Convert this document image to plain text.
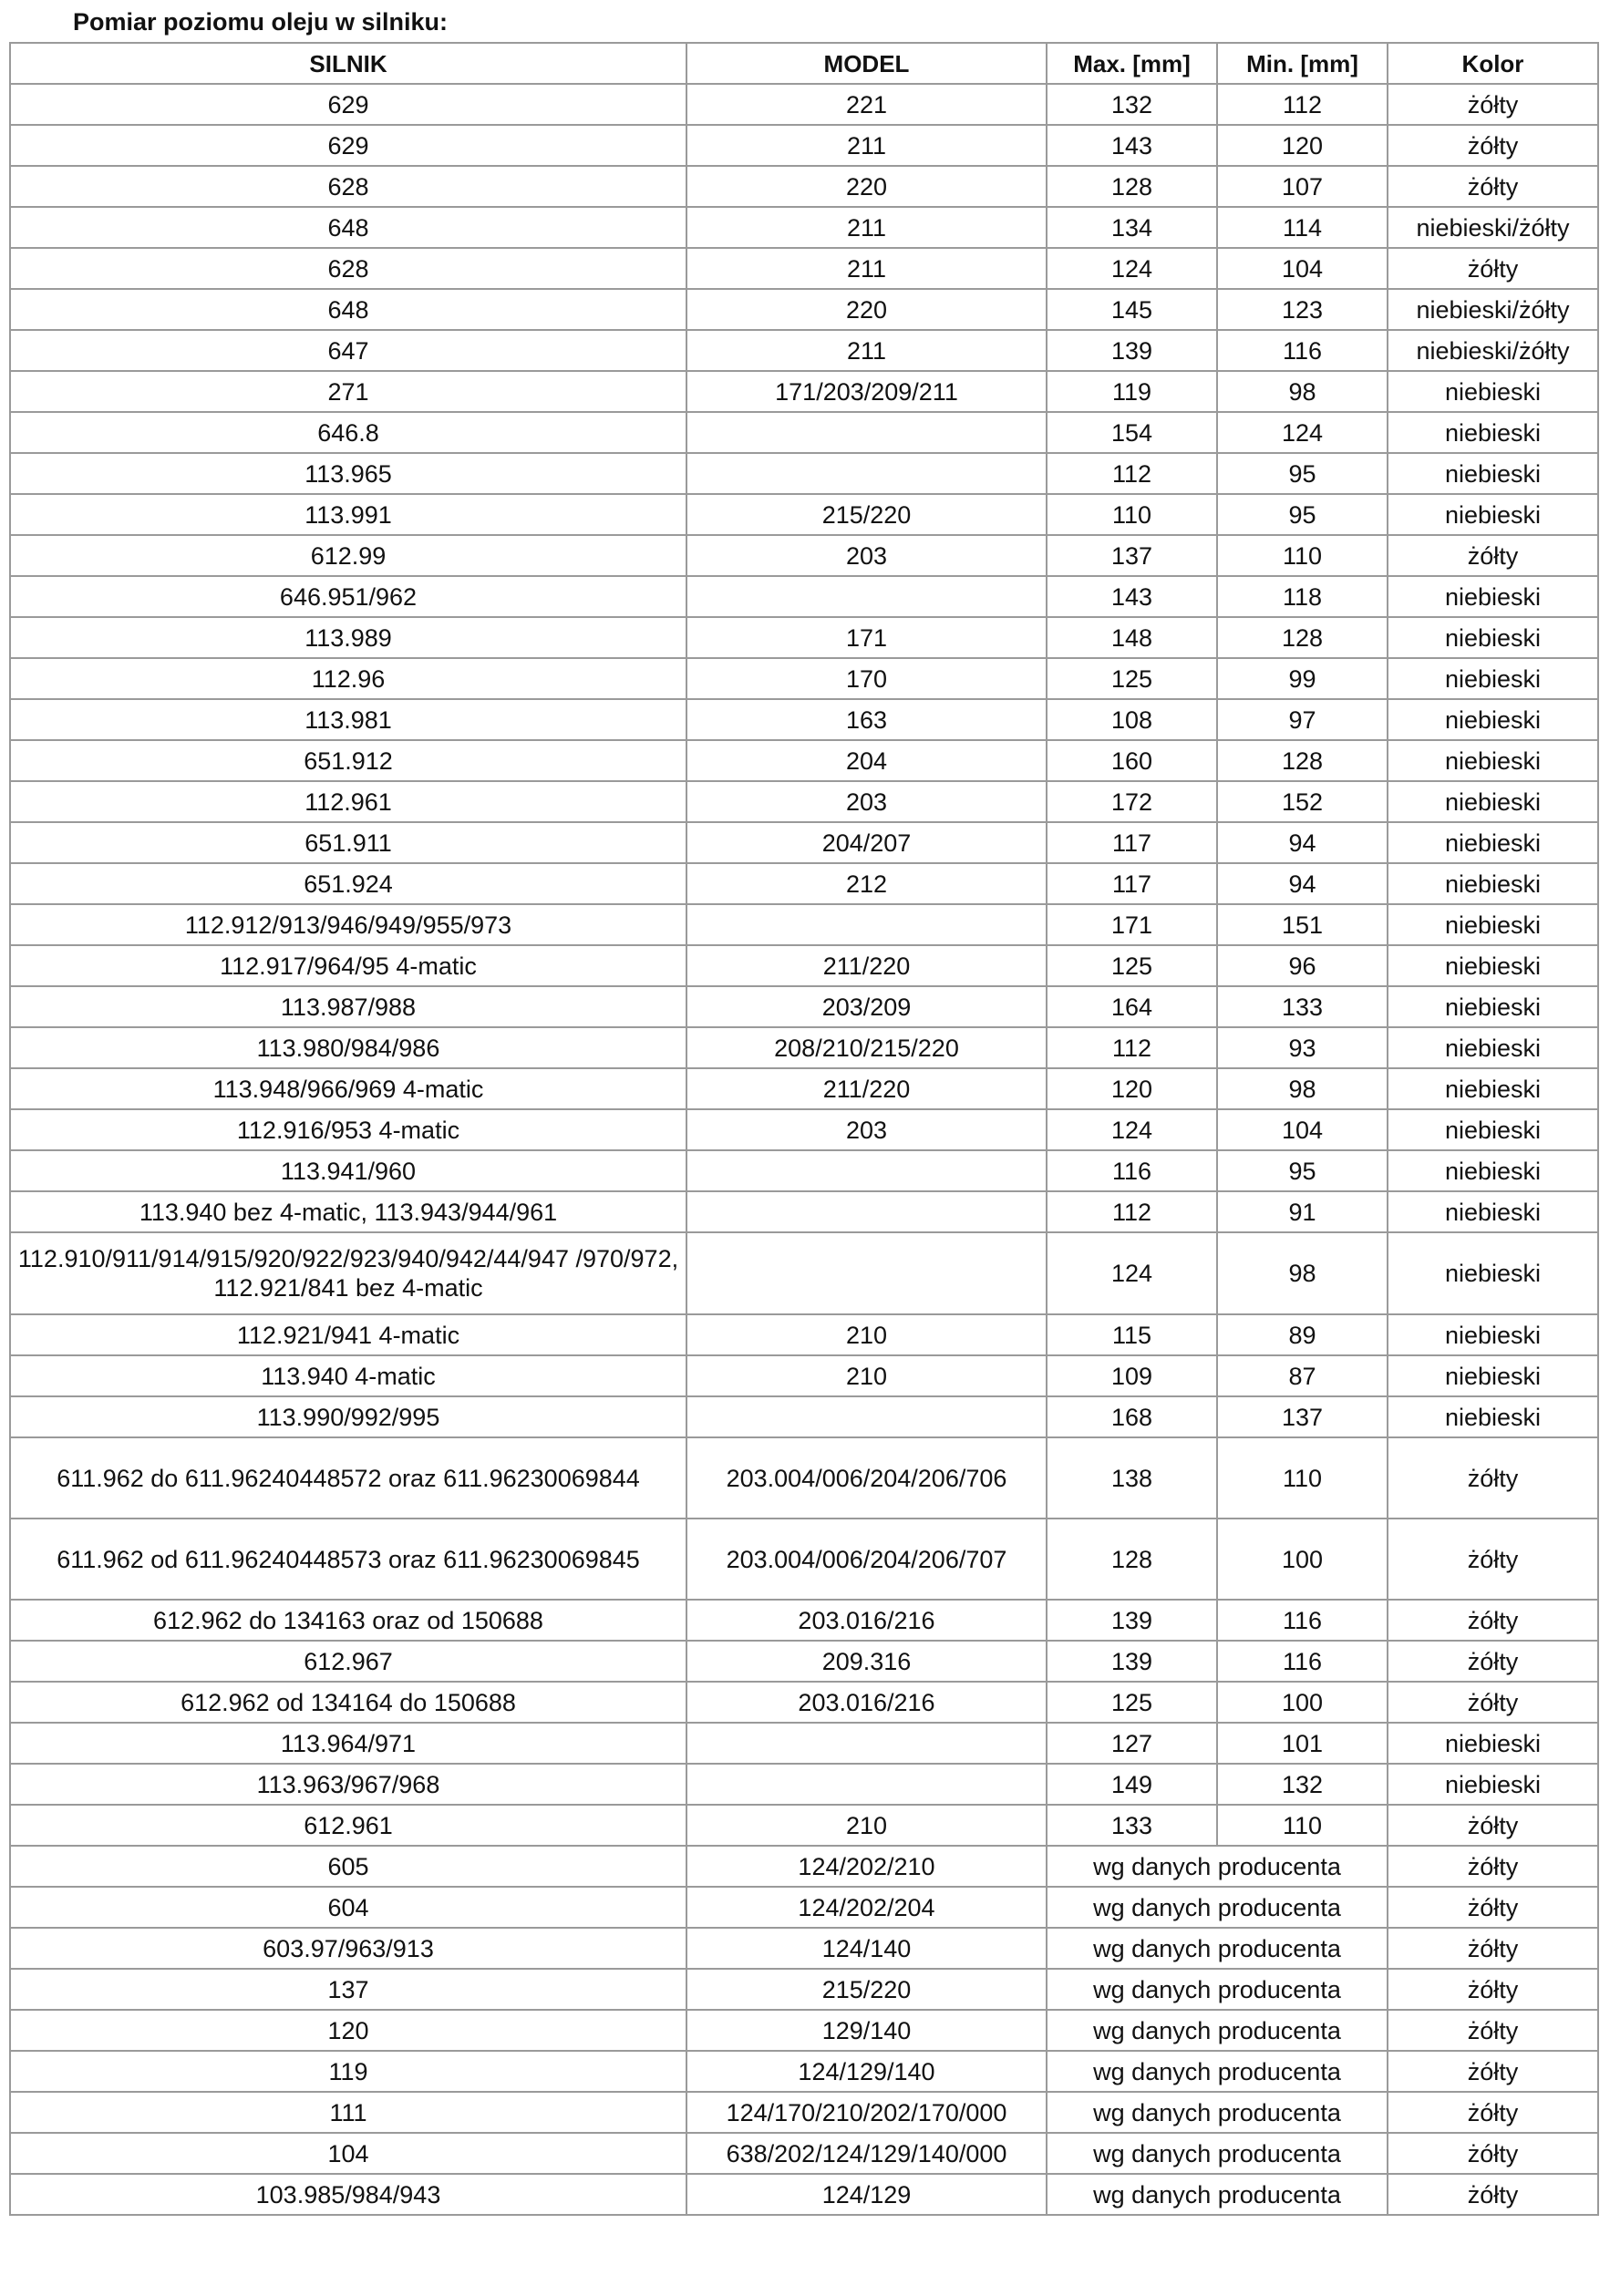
Pomiar poziomu oleju w silniku:
SILNIK	MODEL	Max. [mm]	Min. [mm]	Kolor
629	221	132	112	żółty
629	211	143	120	żółty
628	220	128	107	żółty
648	211	134	114	niebieski/żółty
628	211	124	104	żółty
648	220	145	123	niebieski/żółty
647	211	139	116	niebieski/żółty
271	171/203/209/211	119	98	niebieski
646.8		154	124	niebieski
113.965		112	95	niebieski
113.991	215/220	110	95	niebieski
612.99	203	137	110	żółty
646.951/962		143	118	niebieski
113.989	171	148	128	niebieski
112.96	170	125	99	niebieski
113.981	163	108	97	niebieski
651.912	204	160	128	niebieski
112.961	203	172	152	niebieski
651.911	204/207	117	94	niebieski
651.924	212	117	94	niebieski
112.912/913/946/949/955/973		171	151	niebieski
112.917/964/95 4-matic	211/220	125	96	niebieski
113.987/988	203/209	164	133	niebieski
113.980/984/986	208/210/215/220	112	93	niebieski
113.948/966/969 4-matic	211/220	120	98	niebieski
112.916/953 4-matic	203	124	104	niebieski
113.941/960		116	95	niebieski
113.940 bez 4-matic, 113.943/944/961		112	91	niebieski
112.910/911/914/915/920/922/923/940/942/44/947 /970/972, 112.921/841 bez 4-matic		124	98	niebieski
112.921/941 4-matic	210	115	89	niebieski
113.940 4-matic	210	109	87	niebieski
113.990/992/995		168	137	niebieski
611.962 do 611.96240448572 oraz 611.96230069844	203.004/006/204/206/706	138	110	żółty
611.962 od 611.96240448573 oraz 611.96230069845	203.004/006/204/206/707	128	100	żółty
612.962 do 134163 oraz od 150688	203.016/216	139	116	żółty
612.967	209.316	139	116	żółty
612.962 od 134164 do 150688	203.016/216	125	100	żółty
113.964/971		127	101	niebieski
113.963/967/968		149	132	niebieski
612.961	210	133	110	żółty
605	124/202/210	wg danych producenta		żółty
604	124/202/204	wg danych producenta		żółty
603.97/963/913	124/140	wg danych producenta		żółty
137	215/220	wg danych producenta		żółty
120	129/140	wg danych producenta		żółty
119	124/129/140	wg danych producenta		żółty
111	124/170/210/202/170/000	wg danych producenta		żółty
104	638/202/124/129/140/000	wg danych producenta		żółty
103.985/984/943	124/129	wg danych producenta		żółty
